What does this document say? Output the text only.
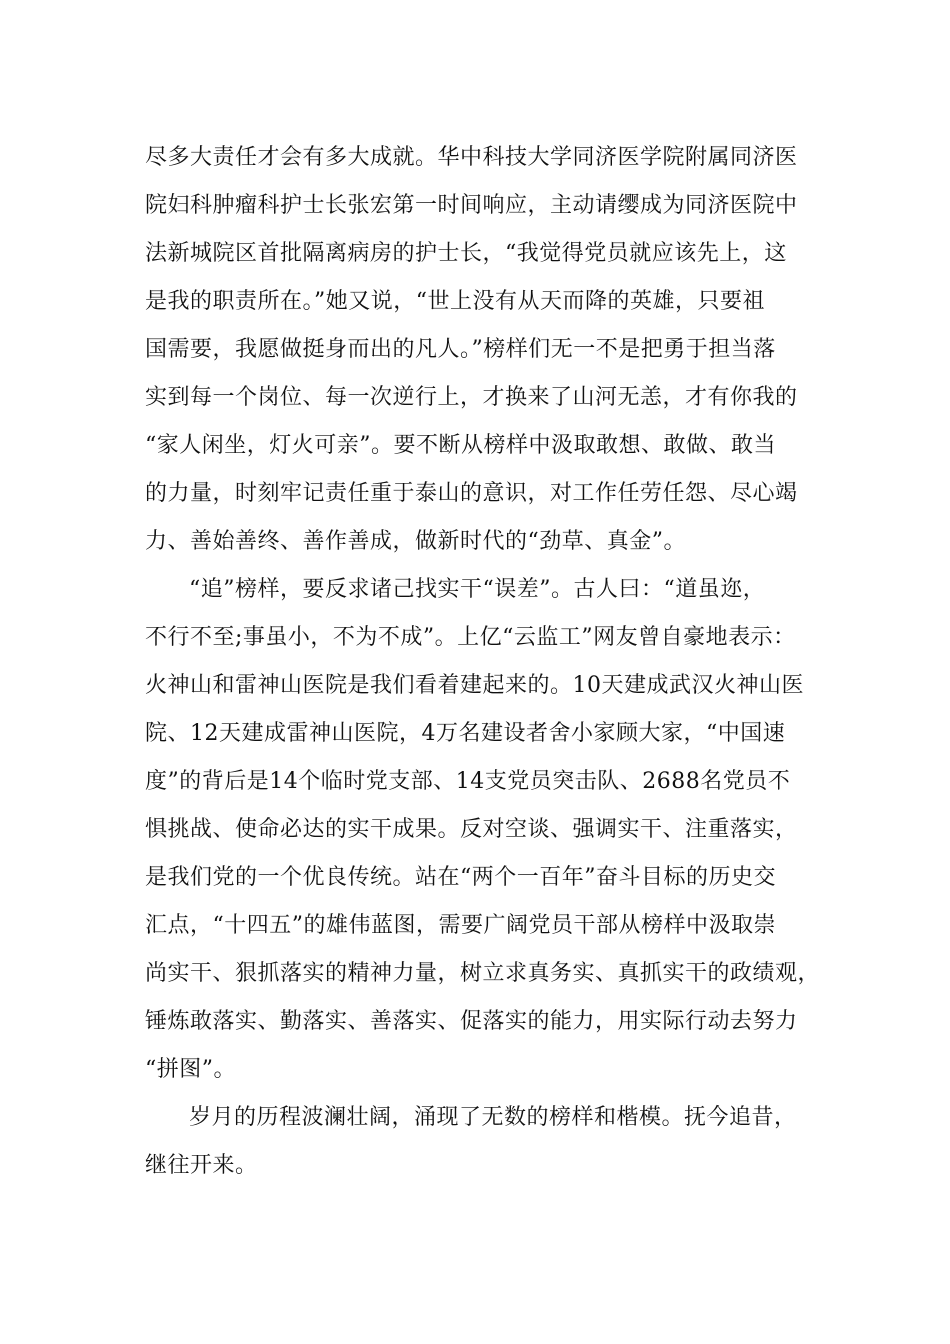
尽多大责任才会有多大成就。华中科技大学同济医学院附属同济医
院妇科肿瘤科护士长张宏第一时间响应，主动请缨成为同济医院中
法新城院区首批隔离病房的护士长，“我觉得党员就应该先上，这
是我的职责所在。”她又说，“世上没有从天而降的英雄，只要祖
国需要，我愿做挺身而出的凡人。”榜样们无一不是把勇于担当落
实到每一个岗位、每一次逆行上，才换来了山河无恙，才有你我的
“家人闲坐，灯火可亲”。要不断从榜样中汲取敢想、敢做、敢当
的力量，时刻牢记责任重于泰山的意识，对工作任劳任怨、尽心竭
力、善始善终、善作善成，做新时代的“劲草、真金”。
“追”榜样，要反求诸己找实干“误差”。古人曰：“道虽迩，
不行不至;事虽小，不为不成”。上亿“云监工”网友曾自豪地表示：
火神山和雷神山医院是我们看着建起来的。10天建成武汉火神山医
院、12天建成雷神山医院，4万名建设者舍小家顾大家，“中国速
度”的背后是14个临时党支部、14支党员突击队、2688名党员不
惧挑战、使命必达的实干成果。反对空谈、强调实干、注重落实，
是我们党的一个优良传统。站在“两个一百年”奋斗目标的历史交
汇点，“十四五”的雄伟蓝图，需要广阔党员干部从榜样中汲取崇
尚实干、狠抓落实的精神力量，树立求真务实、真抓实干的政绩观，
锤炼敢落实、勤落实、善落实、促落实的能力，用实际行动去努力
“拼图”。
岁月的历程波澜壮阔，涌现了无数的榜样和楷模。抚今追昔，
继往开来。
